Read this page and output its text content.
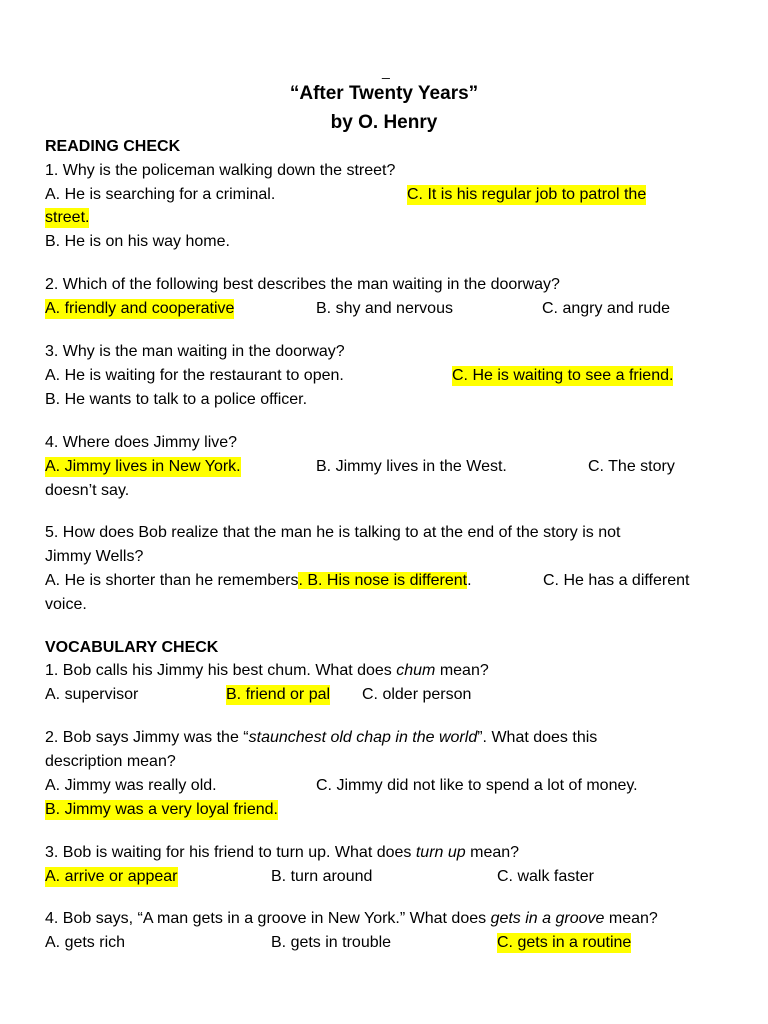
_
“After Twenty Years”
by O. Henry
READING CHECK
1. Why is the policeman walking down the street?
A. He is searching for a criminal.	C. It is his regular job to patrol the
street.
B. He is on his way home.
2. Which of the following best describes the man waiting in the doorway?
A. friendly and cooperative	B. shy and nervous	C. angry and rude
3. Why is the man waiting in the doorway?
A. He is waiting for the restaurant to open.	C. He is waiting to see a friend.
B. He wants to talk to a police officer.
4. Where does Jimmy live?
A. Jimmy lives in New York.	B. Jimmy lives in the West.	C. The story
doesn’t say.
5. How does Bob realize that the man he is talking to at the end of the story is not
Jimmy Wells?
A. He is shorter than he remembers. B. His nose is different.	C. He has a different
voice.
VOCABULARY CHECK
1. Bob calls his Jimmy his best chum. What does chum mean?
A. supervisor	B. friend or pal C. older person
2. Bob says Jimmy was the “staunchest old chap in the world”. What does this
description mean?
A. Jimmy was really old.	C. Jimmy did not like to spend a lot of money.
B. Jimmy was a very loyal friend.
3. Bob is waiting for his friend to turn up. What does turn up mean?
A. arrive or appear	B. turn around	C. walk faster
4. Bob says, “A man gets in a groove in New York.” What does gets in a groove mean?
A. gets rich	B. gets in trouble	C. gets in a routine
